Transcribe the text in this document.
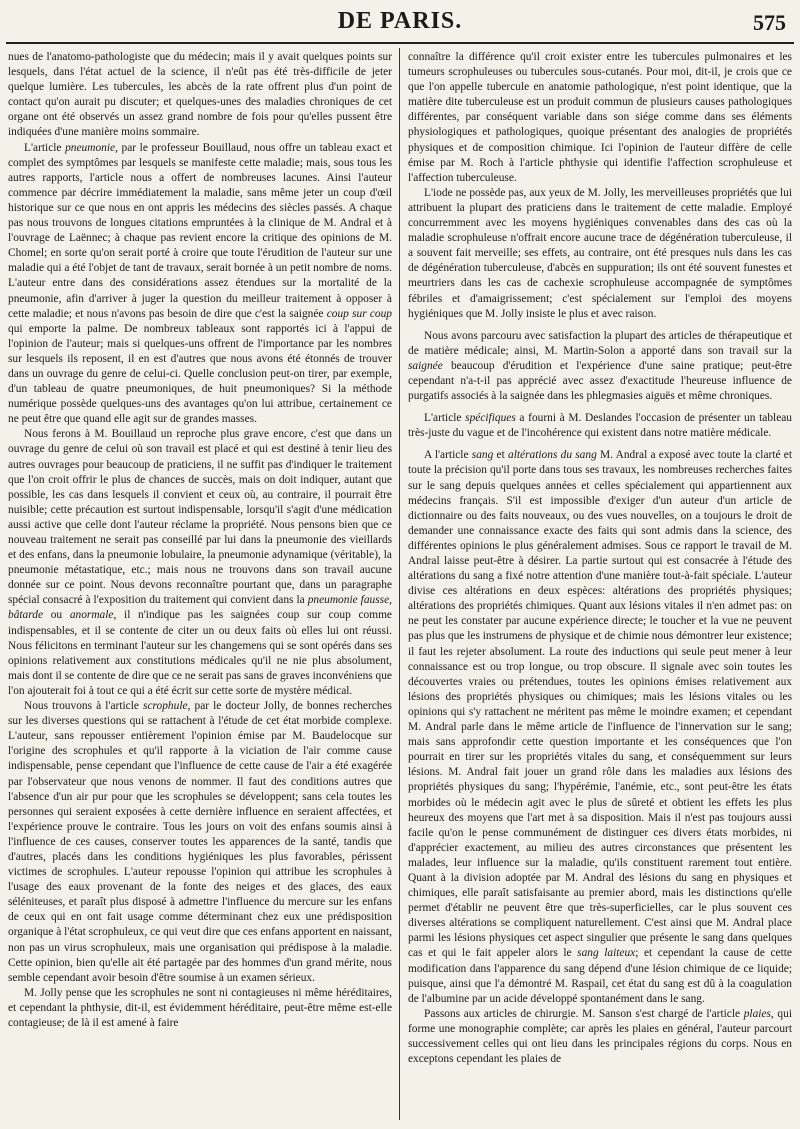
DE PARIS.	575

nues de l'anatomo-pathologiste que du médecin; mais il y avait quelques points sur lesquels, dans l'état actuel de la science, il n'eût pas été très-difficile de jeter quelque lumière. Les tubercules, les abcès de la rate offrent plus d'un point de contact qu'on aurait pu discuter; et quelques-unes des maladies chroniques de cet organe ont été observés un assez grand nombre de fois pour qu'elles pussent être indiquées d'une manière moins sommaire.

L'article pneumonie, par le professeur Bouillaud, nous offre un tableau exact et complet des symptômes par lesquels se manifeste cette maladie; mais, sous tous les autres rapports, l'article nous a offert de nombreuses lacunes. Ainsi l'auteur commence par décrire immédiatement la maladie, sans même jeter un coup d'œil historique sur ce que nous en ont appris les médecins des siècles passés. A chaque pas nous trouvons de longues citations empruntées à la clinique de M. Andral et à l'ouvrage de Laënnec; à chaque pas revient encore la critique des opinions de M. Chomel; en sorte qu'on serait porté à croire que toute l'érudition de l'auteur sur une maladie qui a été l'objet de tant de travaux, serait bornée à un petit nombre de noms. L'auteur entre dans des considérations assez étendues sur la mortalité de la pneumonie, afin d'arriver à juger la question du meilleur traitement à opposer à cette maladie; et nous n'avons pas besoin de dire que c'est la saignée coup sur coup qui emporte la palme. De nombreux tableaux sont rapportés ici à l'appui de l'opinion de l'auteur; mais si quelques-uns offrent de l'importance par les nombres sur lesquels ils reposent, il en est d'autres que nous avons été étonnés de trouver dans un ouvrage du genre de celui-ci. Quelle conclusion peut-on tirer, par exemple, d'un tableau de quatre pneumoniques, de huit pneumoniques? Si la méthode numérique possède quelques-uns des avantages qu'on lui attribue, certainement ce ne peut être que quand elle agit sur de grandes masses.

Nous ferons à M. Bouillaud un reproche plus grave encore, c'est que dans un ouvrage du genre de celui où son travail est placé et qui est destiné à tenir lieu des autres ouvrages pour beaucoup de praticiens, il ne suffit pas d'indiquer le traitement que l'on croit offrir le plus de chances de succès, mais on doit indiquer, autant que possible, les cas dans lesquels il convient et ceux où, au contraire, il pourrait être nuisible; cette précaution est surtout indispensable, lorsqu'il s'agit d'une médication aussi active que celle dont l'auteur réclame la propriété. Nous pensons bien que ce nouveau traitement ne serait pas conseillé par lui dans la pneumonie des vieillards et des enfans, dans la pneumonie lobulaire, la pneumonie adynamique (véritable), la pneumonie métastatique, etc.; mais nous ne trouvons dans son travail aucune donnée sur ce point. Nous devons reconnaître pourtant que, dans un paragraphe spécial consacré à l'exposition du traitement qui convient dans la pneumonie fausse, bâtarde ou anormale, il n'indique pas les saignées coup sur coup comme indispensables, et il se contente de citer un ou deux faits où elles lui ont réussi. Nous félicitons en terminant l'auteur sur les changemens qui se sont opérés dans ses opinions relativement aux constitutions médicales qu'il ne nie plus absolument, mais dont il se contente de dire que ce ne serait pas sans de graves inconvéniens que l'on ajouterait foi à tout ce qui a été écrit sur cette sorte de mystère médical.

Nous trouvons à l'article scrophule, par le docteur Jolly, de bonnes recherches sur les diverses questions qui se rattachent à l'étude de cet état morbide complexe. L'auteur, sans repousser entièrement l'opinion émise par M. Baudelocque sur l'origine des scrophules et qu'il rapporte à la viciation de l'air comme cause indispensable, pense cependant que l'influence de cette cause de l'air a été exagérée par l'observateur que nous venons de nommer. Il faut des conditions autres que l'absence d'un air pur pour que les scrophules se développent; sans cela toutes les personnes qui seraient exposées à cette dernière influence en seraient affectées, et l'expérience prouve le contraire. Tous les jours on voit des enfans soumis ainsi à l'influence de ces causes, conserver toutes les apparences de la santé, tandis que d'autres, placés dans les conditions hygiéniques les plus favorables, périssent victimes de scrophules. L'auteur repousse l'opinion qui attribue les scrophules à l'usage des eaux provenant de la fonte des neiges et des glaces, des eaux séléniteuses, et paraît plus disposé à admettre l'influence du mercure sur les enfans de ceux qui en ont fait usage comme déterminant chez eux une prédisposition organique à l'état scrophuleux, ce qui veut dire que ces enfans apportent en naissant, non pas un virus scrophuleux, mais une organisation qui prédispose à la maladie. Cette opinion, bien qu'elle ait été partagée par des hommes d'un grand mérite, nous semble cependant avoir besoin d'être soumise à un examen sérieux.

M. Jolly pense que les scrophules ne sont ni contagieuses ni même héréditaires, et cependant la phthysie, dit-il, est évidemment héréditaire, peut-être même est-elle contagieuse; de là il est amené à faire

connaître la différence qu'il croit exister entre les tubercules pulmonaires et les tumeurs scrophuleuses ou tubercules sous-cutanés. Pour moi, dit-il, je crois que ce que l'on appelle tubercule en anatomie pathologique, n'est point identique, que la matière dite tuberculeuse est un produit commun de plusieurs causes pathologiques différentes, par conséquent variable dans son siége comme dans ses éléments physiologiques et pathologiques, quoique présentant des analogies de propriétés physiques et de composition chimique. Ici l'opinion de l'auteur diffère de celle émise par M. Roch à l'article phthysie qui identifie l'affection scrophuleuse et l'affection tuberculeuse.

L'iode ne possède pas, aux yeux de M. Jolly, les merveilleuses propriétés que lui attribuent la plupart des praticiens dans le traitement de cette maladie. Employé concurremment avec les moyens hygiéniques convenables dans des cas où la maladie scrophuleuse n'offrait encore aucune trace de dégénération tuberculeuse, il a souvent fait merveille; ses effets, au contraire, ont été presques nuls dans les cas de dégénération tuberculeuse, d'abcès en suppuration; ils ont été souvent funestes et meurtriers dans les cas de cachexie scrophuleuse accompagnée de symptômes fébriles et d'amaigrissement; c'est spécialement sur l'emploi des moyens hygiéniques que M. Jolly insiste le plus et avec raison.

Nous avons parcouru avec satisfaction la plupart des articles de thérapeutique et de matière médicale; ainsi, M. Martin-Solon a apporté dans son travail sur la saignée beaucoup d'érudition et l'expérience d'une saine pratique; peut-être cependant n'a-t-il pas apprécié avec assez d'exactitude l'heureuse influence de purgatifs associés à la saignée dans les phlegmasies aiguës et même chroniques.

L'article spécifiques a fourni à M. Deslandes l'occasion de présenter un tableau très-juste du vague et de l'incohérence qui existent dans notre matière médicale.

A l'article sang et altérations du sang M. Andral a exposé avec toute la clarté et toute la précision qu'il porte dans tous ses travaux, les nombreuses recherches faites sur le sang depuis quelques années et celles spécialement qui appartiennent aux médecins français. S'il est impossible d'exiger d'un auteur d'un article de dictionnaire ou des faits nouveaux, ou des vues nouvelles, on a toujours le droit de demander une connaissance exacte des faits qui sont admis dans la science, des différentes opinions le plus généralement admises. Sous ce rapport le travail de M. Andral laisse peut-être à désirer. La partie surtout qui est consacrée à l'étude des altérations du sang a fixé notre attention d'une manière tout-à-fait spéciale. L'auteur divise ces altérations en deux espèces: altérations des propriétés physiques; altérations des propriétés chimiques. Quant aux lésions vitales il n'en admet pas: on ne peut les constater par aucune expérience directe; le toucher et la vue ne peuvent pas plus que les instrumens de physique et de chimie nous démontrer leur existence; il faut les rejeter absolument. La route des inductions qui seule peut mener à leur connaissance est ou trop longue, ou trop obscure. Il signale avec soin toutes les découvertes vraies ou prétendues, toutes les opinions émises relativement aux lésions des propriétés physiques ou chimiques; mais les lésions vitales ou les opinions qui s'y rattachent ne méritent pas même le moindre examen; et cependant M. Andral parle dans le même article de l'influence de l'innervation sur le sang; mais sans approfondir cette question importante et les conséquences que l'on pourrait en tirer sur les propriétés vitales du sang, et conséquemment sur leurs lésions. M. Andral fait jouer un grand rôle dans les maladies aux lésions des propriétés physiques du sang; l'hypérémie, l'anémie, etc., sont peut-être les états morbides où le médecin agit avec le plus de sûreté et obtient les effets les plus heureux des moyens que l'art met à sa disposition. Mais il n'est pas toujours aussi facile qu'on le pense communément de distinguer ces divers états morbides, ni d'apprécier exactement, au milieu des autres circonstances que présentent les malades, leur influence sur la maladie, qu'ils constituent rarement tout entière. Quant à la division adoptée par M. Andral des lésions du sang en physiques et chimiques, elle paraît satisfaisante au premier abord, mais les distinctions qu'elle permet d'établir ne peuvent être que très-superficielles, car le plus souvent ces diverses altérations se compliquent naturellement. C'est ainsi que M. Andral place parmi les lésions physiques cet aspect singulier que présente le sang dans quelques cas et qui le fait appeler alors le sang laiteux; et cependant la cause de cette modification dans l'apparence du sang dépend d'une lésion chimique de ce liquide; puisque, ainsi que l'a démontré M. Raspail, cet état du sang est dû à la coagulation de l'albumine par un acide développé spontanément dans le sang.

Passons aux articles de chirurgie. M. Sanson s'est chargé de l'article plaies, qui forme une monographie complète; car après les plaies en général, l'auteur parcourt successivement celles qui ont lieu dans les principales régions du corps. Nous en exceptons cependant les plaies de
